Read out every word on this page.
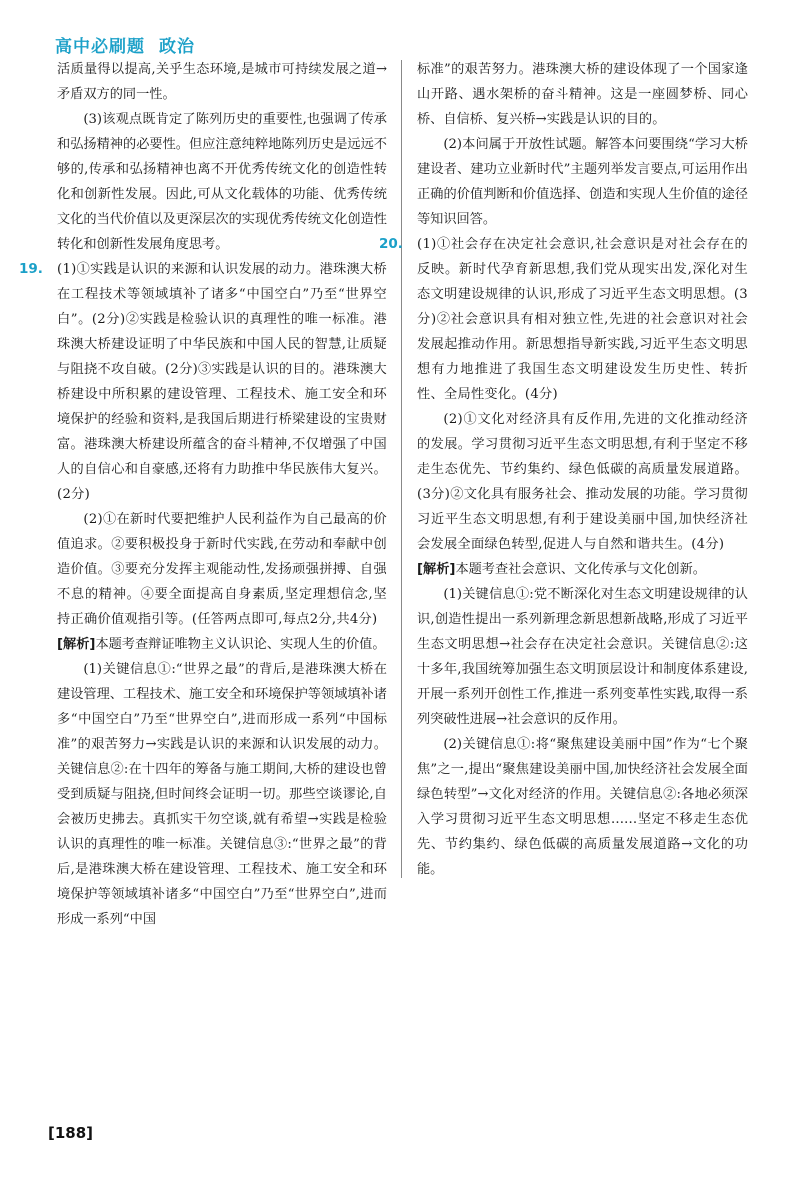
高中必刷题 政治

活质量得以提高,关乎生态环境,是城市可持续发展之道→矛盾双方的同一性。

(3)该观点既肯定了陈列历史的重要性,也强调了传承和弘扬精神的必要性。但应注意纯粹地陈列历史是远远不够的,传承和弘扬精神也离不开优秀传统文化的创造性转化和创新性发展。因此,可从文化载体的功能、优秀传统文化的当代价值以及更深层次的实现优秀传统文化创造性转化和创新性发展角度思考。

19. (1)①实践是认识的来源和认识发展的动力。港珠澳大桥在工程技术等领域填补了诸多“中国空白”乃至“世界空白”。(2分)②实践是检验认识的真理性的唯一标准。港珠澳大桥建设证明了中华民族和中国人民的智慧,让质疑与阻挠不攻自破。(2分)③实践是认识的目的。港珠澳大桥建设中所积累的建设管理、工程技术、施工安全和环境保护的经验和资料,是我国后期进行桥梁建设的宝贵财富。港珠澳大桥建设所蕴含的奋斗精神,不仅增强了中国人的自信心和自豪感,还将有力助推中华民族伟大复兴。(2分)

(2)①在新时代要把维护人民利益作为自己最高的价值追求。②要积极投身于新时代实践,在劳动和奉献中创造价值。③要充分发挥主观能动性,发扬顽强拼搏、自强不息的精神。④要全面提高自身素质,坚定理想信念,坚持正确价值观指引等。(任答两点即可,每点2分,共4分)

[解析]本题考查辩证唯物主义认识论、实现人生的价值。

(1)关键信息①:“世界之最”的背后,是港珠澳大桥在建设管理、工程技术、施工安全和环境保护等领域填补诸多“中国空白”乃至“世界空白”,进而形成一系列“中国标准”的艰苦努力→实践是认识的来源和认识发展的动力。关键信息②:在十四年的筹备与施工期间,大桥的建设也曾受到质疑与阻挠,但时间终会证明一切。那些空谈谬论,自会被历史拂去。真抓实干勿空谈,就有希望→实践是检验认识的真理性的唯一标准。关键信息③:“世界之最”的背后,是港珠澳大桥在建设管理、工程技术、施工安全和环境保护等领域填补诸多“中国空白”乃至“世界空白”,进而形成一系列“中国

标准”的艰苦努力。港珠澳大桥的建设体现了一个国家逢山开路、遇水架桥的奋斗精神。这是一座圆梦桥、同心桥、自信桥、复兴桥→实践是认识的目的。

(2)本问属于开放性试题。解答本问要围绕“学习大桥建设者、建功立业新时代”主题列举发言要点,可运用作出正确的价值判断和价值选择、创造和实现人生价值的途径等知识回答。

20. (1)①社会存在决定社会意识,社会意识是对社会存在的反映。新时代孕育新思想,我们党从现实出发,深化对生态文明建设规律的认识,形成了习近平生态文明思想。(3分)②社会意识具有相对独立性,先进的社会意识对社会发展起推动作用。新思想指导新实践,习近平生态文明思想有力地推进了我国生态文明建设发生历史性、转折性、全局性变化。(4分)

(2)①文化对经济具有反作用,先进的文化推动经济的发展。学习贯彻习近平生态文明思想,有利于坚定不移走生态优先、节约集约、绿色低碳的高质量发展道路。(3分)②文化具有服务社会、推动发展的功能。学习贯彻习近平生态文明思想,有利于建设美丽中国,加快经济社会发展全面绿色转型,促进人与自然和谐共生。(4分)

[解析]本题考查社会意识、文化传承与文化创新。

(1)关键信息①:党不断深化对生态文明建设规律的认识,创造性提出一系列新理念新思想新战略,形成了习近平生态文明思想→社会存在决定社会意识。关键信息②:这十多年,我国统筹加强生态文明顶层设计和制度体系建设,开展一系列开创性工作,推进一系列变革性实践,取得一系列突破性进展→社会意识的反作用。

(2)关键信息①:将“聚焦建设美丽中国”作为“七个聚焦”之一,提出“聚焦建设美丽中国,加快经济社会发展全面绿色转型”→文化对经济的作用。关键信息②:各地必须深入学习贯彻习近平生态文明思想……坚定不移走生态优先、节约集约、绿色低碳的高质量发展道路→文化的功能。

[188]
